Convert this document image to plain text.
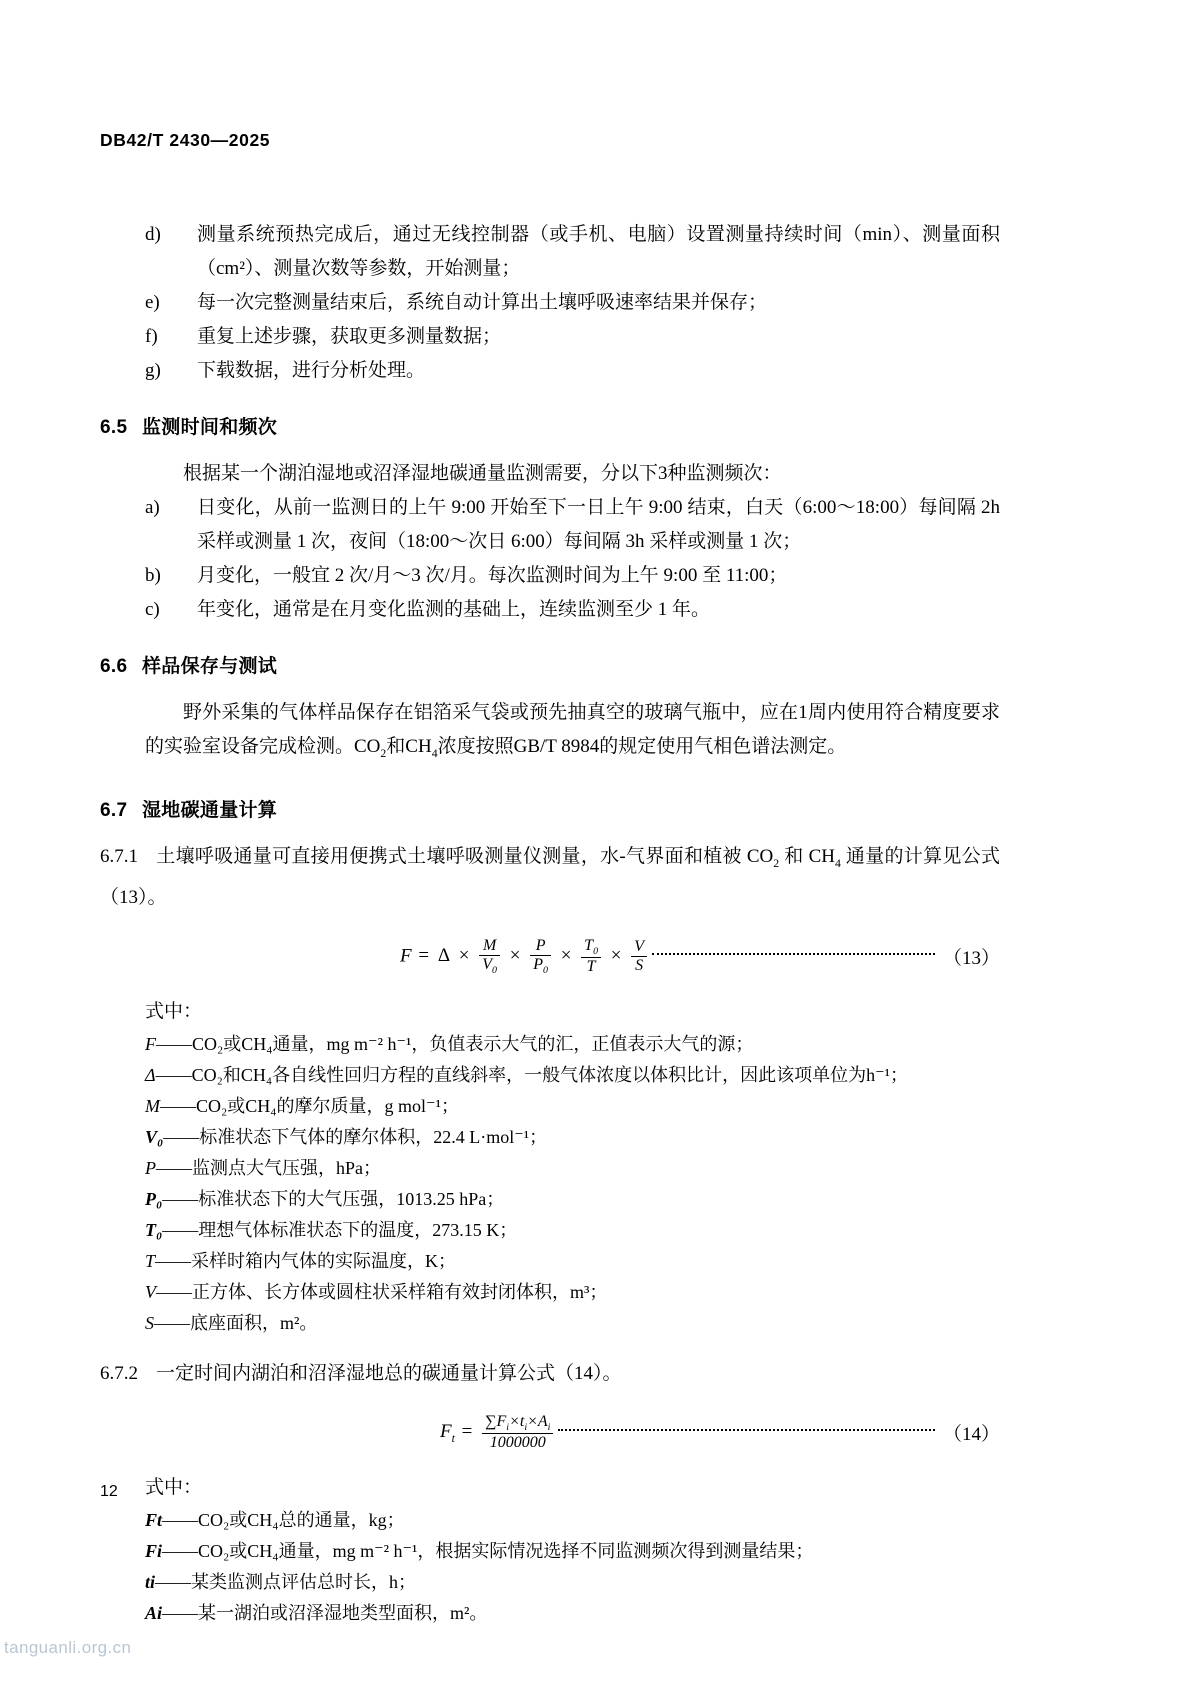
DB42/T 2430—2025
d)	测量系统预热完成后，通过无线控制器（或手机、电脑）设置测量持续时间（min）、测量面积（cm²）、测量次数等参数，开始测量；
e)	每一次完整测量结束后，系统自动计算出土壤呼吸速率结果并保存；
f)	重复上述步骤，获取更多测量数据；
g)	下载数据，进行分析处理。
6.5 监测时间和频次

根据某一个湖泊湿地或沼泽湿地碳通量监测需要，分以下3种监测频次：

a)	日变化，从前一监测日的上午 9:00 开始至下一日上午 9:00 结束，白天（6:00～18:00）每间隔 2h 采样或测量 1 次，夜间（18:00～次日 6:00）每间隔 3h 采样或测量 1 次；
b)	月变化，一般宜 2 次/月～3 次/月。每次监测时间为上午 9:00 至 11:00；
c)	年变化，通常是在月变化监测的基础上，连续监测至少 1 年。
6.6 样品保存与测试

野外采集的气体样品保存在铝箔采气袋或预先抽真空的玻璃气瓶中，应在1周内使用符合精度要求的实验室设备完成检测。$CO_2$和$CH_4$浓度按照GB/T 8984的规定使用气相色谱法测定。

6.7 湿地碳通量计算

6.7.1 土壤呼吸通量可直接用便携式土壤呼吸测量仪测量，水-气界面和植被 $CO_2$ 和 $CH_4$ 通量的计算见公式（13）。

$F = \Delta \times \frac{M}{V_0} \times \frac{P}{P_0} \times \frac{T_0}{T} \times \frac{V}{S}$	（13）

式中：

F——CO₂或CH₄通量，mg m⁻² h⁻¹，负值表示大气的汇，正值表示大气的源；
Δ——CO₂和CH₄各自线性回归方程的直线斜率，一般气体浓度以体积比计，因此该项单位为h⁻¹；
M——CO₂或CH₄的摩尔质量，g mol⁻¹；
V₀——标准状态下气体的摩尔体积，22.4 L·mol⁻¹；
P——监测点大气压强，hPa；
P₀——标准状态下的大气压强，1013.25 hPa；
T₀——理想气体标准状态下的温度，273.15 K；
T——采样时箱内气体的实际温度，K；
V——正方体、长方体或圆柱状采样箱有效封闭体积，m³；
S——底座面积，m²。

6.7.2 一定时间内湖泊和沼泽湿地总的碳通量计算公式（14）。

$F_t = \frac{\sum F_i\times t_i\times A_i}{1000000}$	（14）

式中：

Ft——CO₂或CH₄总的通量，kg；
Fi——CO₂或CH₄通量，mg m⁻² h⁻¹，根据实际情况选择不同监测频次得到测量结果；
ti——某类监测点评估总时长，h；
Ai——某一湖泊或沼泽湿地类型面积，m²。
12
tanguanli.org.cn
